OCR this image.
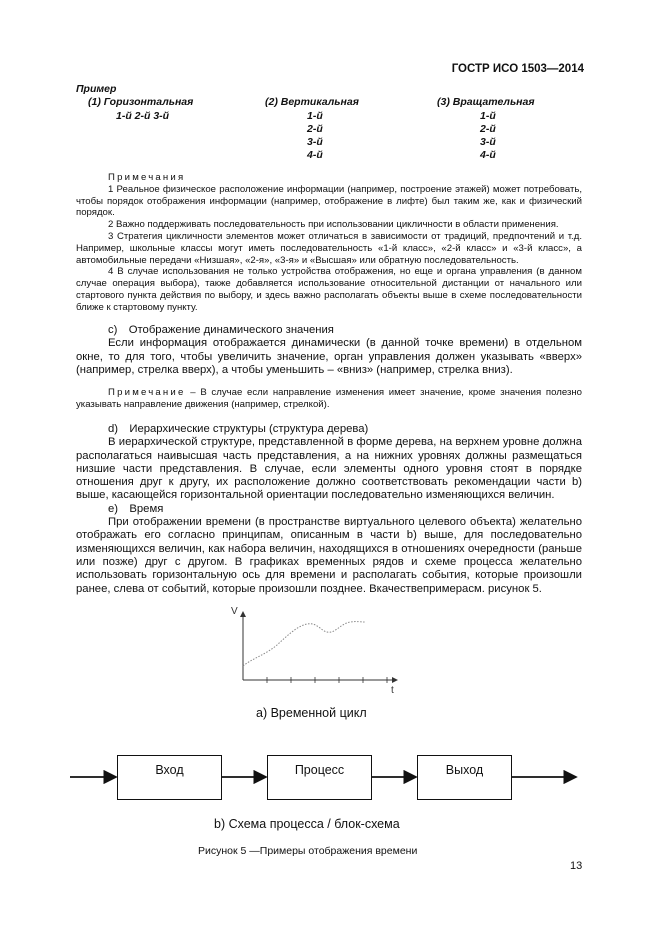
ГОСТР ИСО 1503—2014
Пример
(1) Горизонтальная
1-й 2-й 3-й
(2) Вертикальная
1-й
2-й
3-й
4-й
(3) Вращательная
1-й
2-й
3-й
4-й

Примечания

1 Реальное физическое расположение информации (например, построение этажей) может потребовать, чтобы порядок отображения информации (например, отображение в лифте) был таким же, как и физический порядок.

2 Важно поддерживать последовательность при использовании цикличности в области применения.

3 Стратегия цикличности элементов может отличаться в зависимости от традиций, предпочтений и т.д. Например, школьные классы могут иметь последовательность «1-й класс», «2-й класс» и «3-й класс», а автомобильные передачи «Низшая», «2-я», «3-я» и «Высшая» или обратную последовательность.

4 В случае использования не только устройства отображения, но еще и органа управления (в данном случае операция выбора), также добавляется использование относительной дистанции от начального или стартового пункта действия по выбору, и здесь важно располагать объекты выше в схеме последовательности ближе к стартовому пункту.

c) Отображение динамического значения

Если информация отображается динамически (в данной точке времени) в отдельном окне, то для того, чтобы увеличить значение, орган управления должен указывать «вверх» (например, стрелка вверх), а чтобы уменьшить – «вниз» (например, стрелка вниз).

Примечание – В случае если направление изменения имеет значение, кроме значения полезно указывать направление движения (например, стрелкой).

d) Иерархические структуры (структура дерева)

В иерархической структуре, представленной в форме дерева, на верхнем уровне должна располагаться наивысшая часть представления, а на нижних уровнях должны размещаться низшие части представления. В случае, если элементы одного уровня стоят в порядке отношения друг к другу, их расположение должно соответствовать рекомендации части b) выше, касающейся горизонтальной ориентации последовательно изменяющихся величин.

e) Время

При отображении времени (в пространстве виртуального целевого объекта) желательно отображать его согласно принципам, описанным в части b) выше, для последовательно изменяющихся величин, как набора величин, находящихся в отношениях очередности (раньше или позже) друг с другом. В графиках временных рядов и схеме процесса желательно использовать горизонтальную ось для времени и располагать события, которые произошли ранее, слева от событий, которые произошли позднее. Вкачествепримерасм. рисунок 5.

V
t
а) Временной цикл
Вход	Процесс	Выход
b) Схема процесса / блок-схема
Рисунок 5 —Примеры отображения времени
13
